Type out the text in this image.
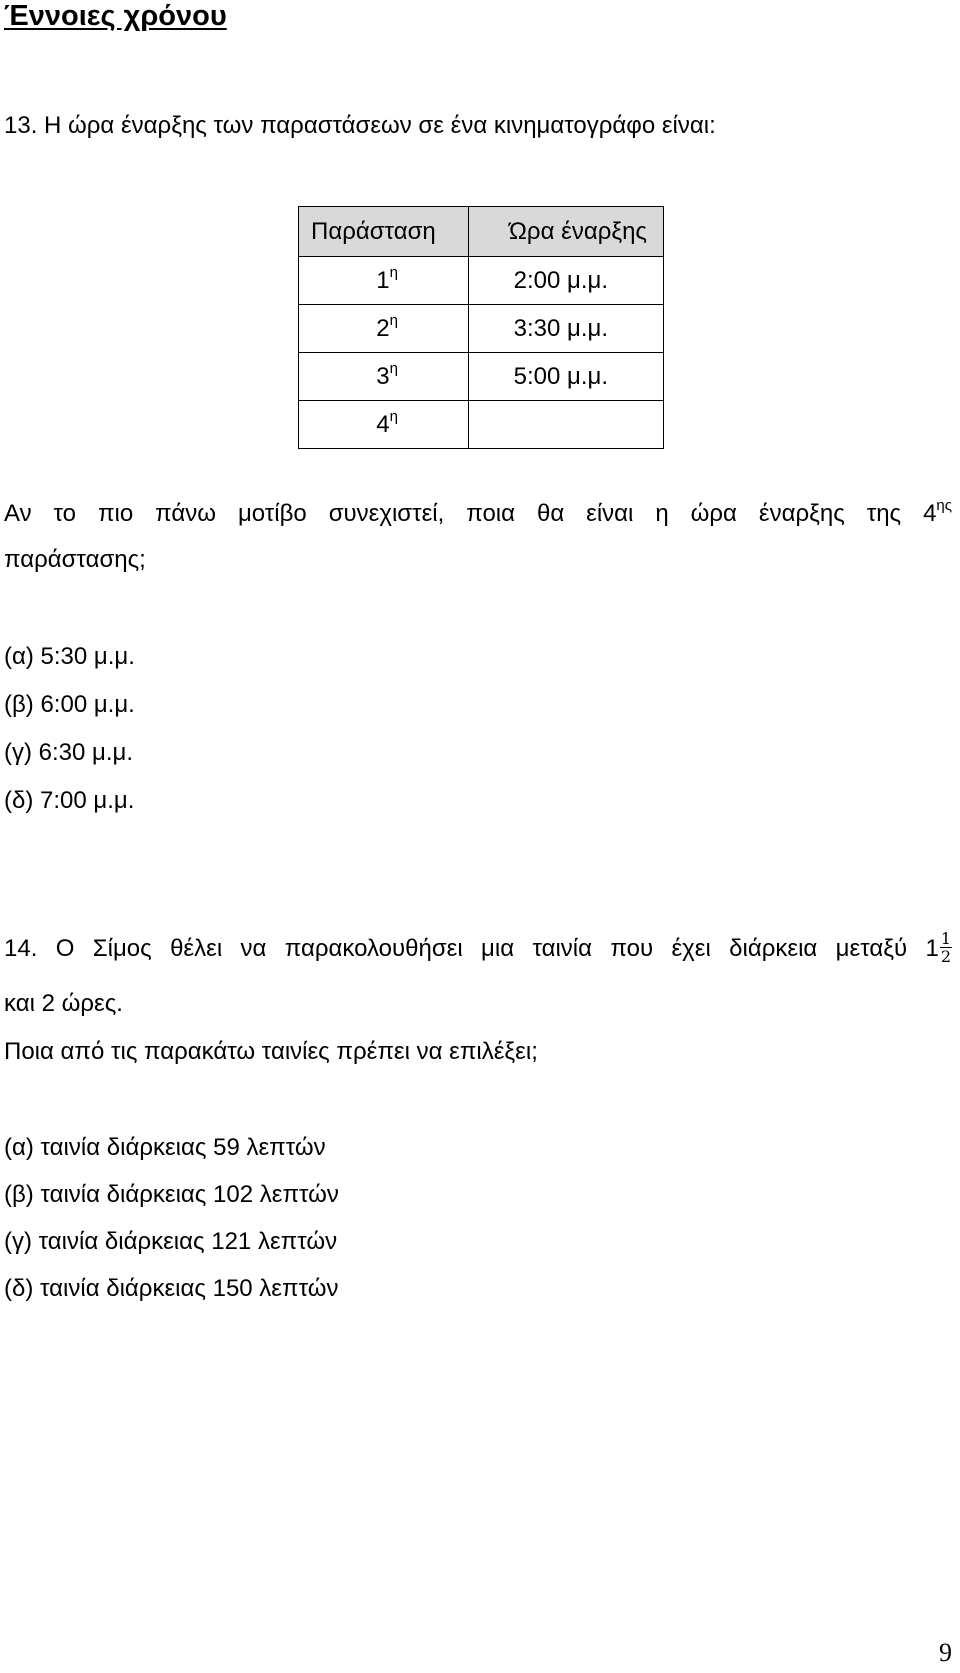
Έννοιες χρόνου
13. Η ώρα έναρξης των παραστάσεων σε ένα κινηματογράφο είναι:
Παράσταση	Ώρα έναρξης
$1^\eta$	2:00 μ.μ.
$2^\eta$	3:30 μ.μ.
$3^\eta$	5:00 μ.μ.
$4^\eta$	
Αν το πιο πάνω μοτίβο συνεχιστεί, ποια θα είναι η ώρα έναρξης της $4^{\eta\varsigma}$
παράστασης;
(α) 5:30 μ.μ.
(β) 6:00 μ.μ.
(γ) 6:30 μ.μ.
(δ) 7:00 μ.μ.
14. Ο Σίμος θέλει να παρακολουθήσει μια ταινία που έχει διάρκεια μεταξύ $1 \frac{1}{2}$
και 2 ώρες.
Ποια από τις παρακάτω ταινίες πρέπει να επιλέξει;
(α) ταινία διάρκειας 59 λεπτών
(β) ταινία διάρκειας 102 λεπτών
(γ) ταινία διάρκειας 121 λεπτών
(δ) ταινία διάρκειας 150 λεπτών
9
